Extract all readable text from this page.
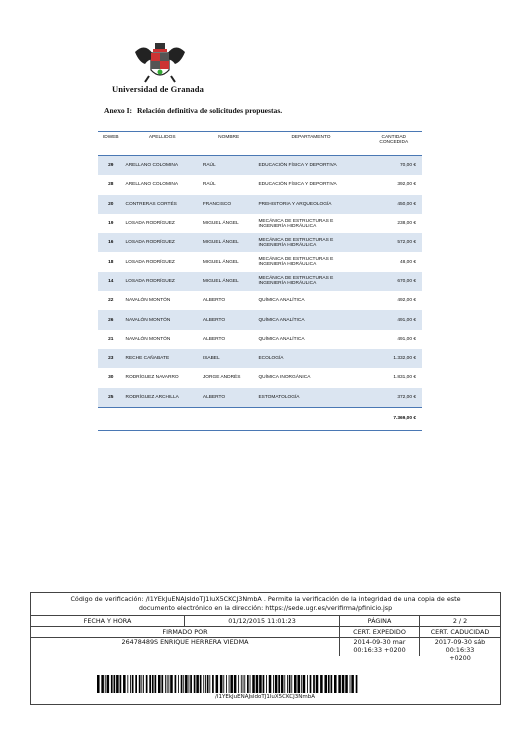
Universidad de Granada
Anexo I: Relación definitiva de solicitudes propuestas.
IDWEB	APELLIDOS	NOMBRE	DEPARTAMENTO	CANTIDAD CONCEDIDA
29	ARELLANO COLOMINA	RAÚL	EDUCACIÓN FÍSICA Y DEPORTIVA	70,00 €
28	ARELLANO COLOMINA	RAÚL	EDUCACIÓN FÍSICA Y DEPORTIVA	392,00 €
20	CONTRERAS CORTÉS	FRANCISCO	PREHISTORIA Y ARQUEOLOGÍA	450,00 €
19	LOSADA RODRÍGUEZ	MIGUEL ÁNGEL	MECÁNICA DE ESTRUCTURAS E
INGENIERÍA HIDRÁULICA	238,00 €
16	LOSADA RODRÍGUEZ	MIGUEL ÁNGEL	MECÁNICA DE ESTRUCTURAS E
INGENIERÍA HIDRÁULICA	572,00 €
18	LOSADA RODRÍGUEZ	MIGUEL ÁNGEL	MECÁNICA DE ESTRUCTURAS E
INGENIERÍA HIDRÁULICA	48,00 €
14	LOSADA RODRÍGUEZ	MIGUEL ÁNGEL	MECÁNICA DE ESTRUCTURAS E
INGENIERÍA HIDRÁULICA	670,00 €
22	NAVALÓN MONTÓN	ALBERTO	QUÍMICA ANALÍTICA	492,00 €
26	NAVALÓN MONTÓN	ALBERTO	QUÍMICA ANALÍTICA	491,00 €
21	NAVALÓN MONTÓN	ALBERTO	QUÍMICA ANALÍTICA	491,00 €
23	RECHE CAÑABATE	ISABEL	ECOLOGÍA	1.332,00 €
30	RODRÍGUEZ NAVARRO	JORGE ANDRÉS	QUÍMICA INORGÁNICA	1.831,00 €
25	RODRÍGUEZ ARCHILLA	ALBERTO	ESTOMATOLOGÍA	372,00 €
				7.369,00 €
Código de verificación: /I1YEkJuENAJsldoTJ1luX5CKCJ3NmbA . Permite la verificación de la integridad de una copia de este
documento electrónico en la dirección: https://sede.ugr.es/verifirma/pfinicio.jsp
FECHA Y HORA	01/12/2015 11:01:23	PÁGINA	2 / 2
FIRMADO POR	CERT. EXPEDIDO	CERT. CADUCIDAD
26478489S ENRIQUE HERRERA VIEDMA	2014-09-30 mar
00:16:33 +0200
2017-09-30 sáb 00:16:33
+0200
/I1YEkJuENAJsldoTJ1luX5CKCJ3NmbA
